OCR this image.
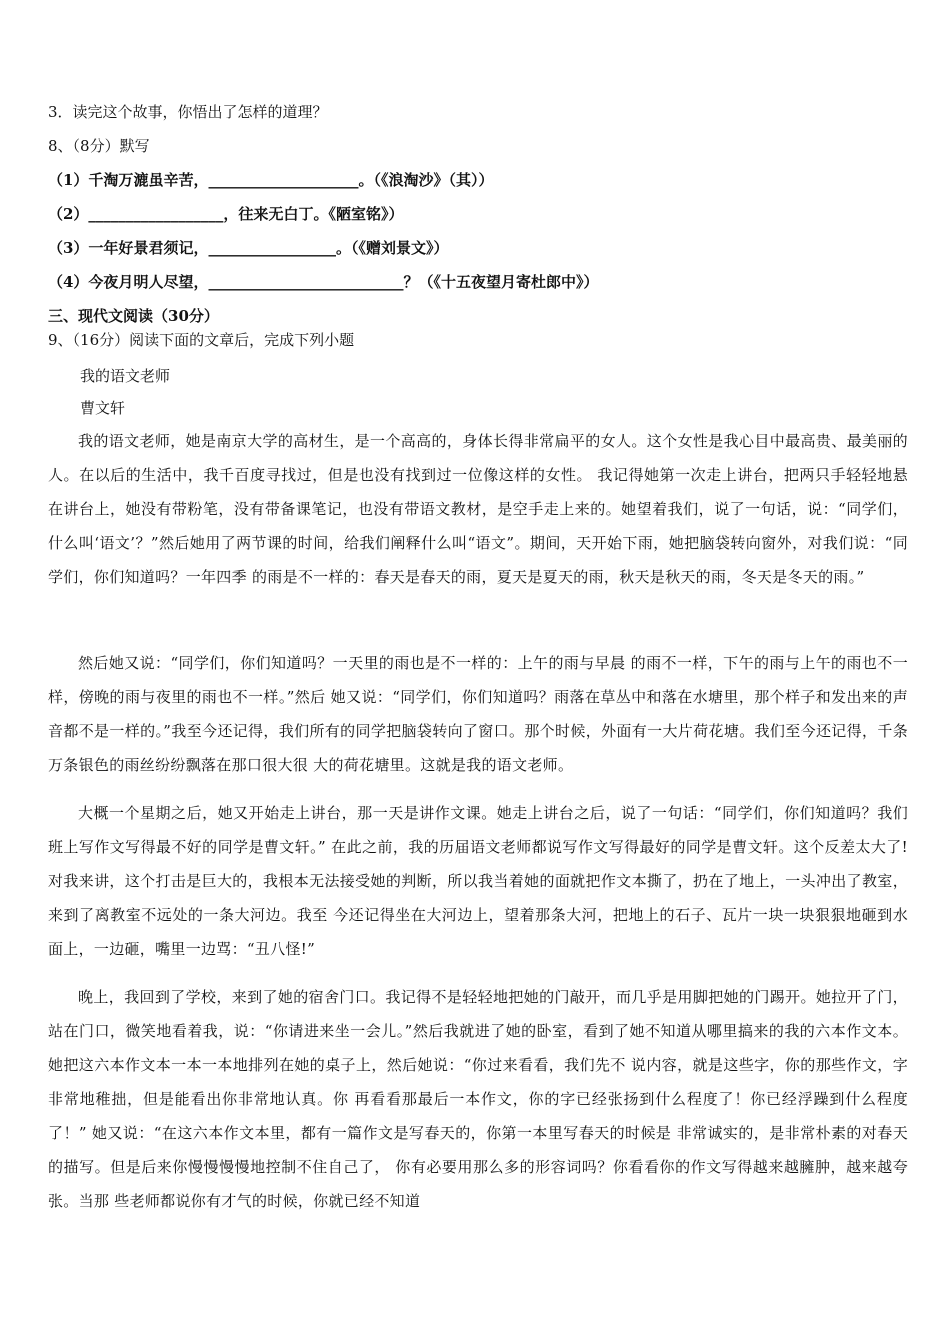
3．读完这个故事，你悟出了怎样的道理？
8、（8分）默写
（1）千淘万漉虽辛苦，____________________。（《浪淘沙》（其））
（2）__________________，往来无白丁。《陋室铭》）
（3）一年好景君须记，_________________。（《赠刘景文》）
（4）今夜月明人尽望，__________________________？（《十五夜望月寄杜郎中》）
三、现代文阅读（30分）
9、（16分）阅读下面的文章后，完成下列小题
我的语文老师
曹文轩

我的语文老师，她是南京大学的高材生，是一个高高的，身体长得非常扁平的女人。这个女性是我心目中最高贵、最美丽的人。在以后的生活中，我千百度寻找过，但是也没有找到过一位像这样的女性。 我记得她第一次走上讲台，把两只手轻轻地悬在讲台上，她没有带粉笔，没有带备课笔记，也没有带语文教材，是空手走上来的。她望着我们，说了一句话，说：“同学们，什么叫‘语文’？”然后她用了两节课的时间，给我们阐释什么叫“语文”。期间，天开始下雨，她把脑袋转向窗外，对我们说：“同学们，你们知道吗？一年四季 的雨是不一样的：春天是春天的雨，夏天是夏天的雨，秋天是秋天的雨，冬天是冬天的雨。”

然后她又说：“同学们，你们知道吗？一天里的雨也是不一样的：上午的雨与早晨 的雨不一样，下午的雨与上午的雨也不一样，傍晚的雨与夜里的雨也不一样。”然后 她又说：“同学们，你们知道吗？雨落在草丛中和落在水塘里，那个样子和发出来的声音都不是一样的。”我至今还记得，我们所有的同学把脑袋转向了窗口。那个时候，外面有一大片荷花塘。我们至今还记得，千条万条银色的雨丝纷纷飘落在那口很大很 大的荷花塘里。这就是我的语文老师。

大概一个星期之后，她又开始走上讲台，那一天是讲作文课。她走上讲台之后，说了一句话：“同学们，你们知道吗？我们班上写作文写得最不好的同学是曹文轩。” 在此之前，我的历届语文老师都说写作文写得最好的同学是曹文轩。这个反差太大了!对我来讲，这个打击是巨大的，我根本无法接受她的判断，所以我当着她的面就把作文本撕了，扔在了地上，一头冲出了教室，来到了离教室不远处的一条大河边。我至 今还记得坐在大河边上，望着那条大河，把地上的石子、瓦片一块一块狠狠地砸到水面上，一边砸，嘴里一边骂：“丑八怪!”

晚上，我回到了学校，来到了她的宿舍门口。我记得不是轻轻地把她的门敲开，而几乎是用脚把她的门踢开。她拉开了门，站在门口，微笑地看着我，说：“你请进来坐一会儿。”然后我就进了她的卧室，看到了她不知道从哪里搞来的我的六本作文本。 她把这六本作文本一本一本地排列在她的桌子上，然后她说：“你过来看看，我们先不 说内容，就是这些字，你的那些作文，字非常地稚拙，但是能看出你非常地认真。你 再看看那最后一本作文，你的字已经张扬到什么程度了！你已经浮躁到什么程度了！” 她又说：“在这六本作文本里，都有一篇作文是写春天的，你第一本里写春天的时候是 非常诚实的，是非常朴素的对春天的描写。但是后来你慢慢慢慢地控制不住自己了， 你有必要用那么多的形容词吗？你看看你的作文写得越来越臃肿，越来越夸张。当那 些老师都说你有才气的时候，你就已经不知道
